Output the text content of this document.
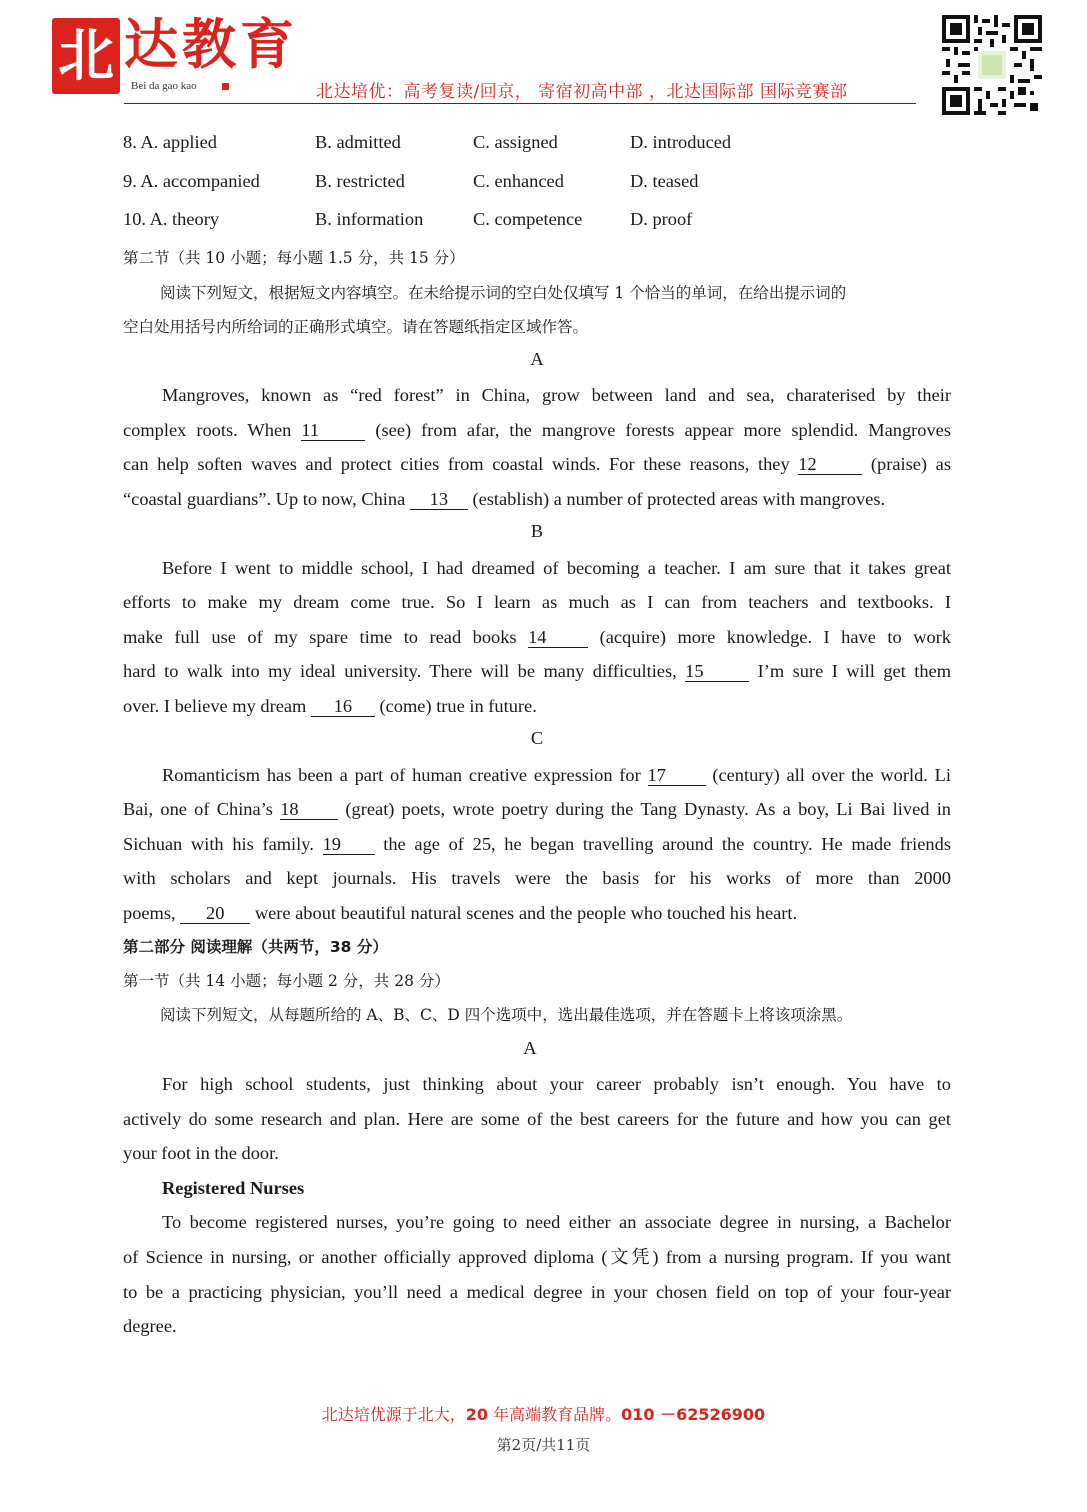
北 达教育
Bei da gao kao	北达培优：高考复读/回京， 寄宿初高中部 ，北达国际部 国际竞赛部
8. A. applied	B. admitted	C. assigned	D. introduced
9. A. accompanied	B. restricted	C. enhanced	D. teased
10. A. theory	B. information	C. competence	D. proof
第二节（共 10 小题；每小题 1.5 分，共 15 分）
阅读下列短文，根据短文内容填空。在未给提示词的空白处仅填写 1 个恰当的单词，在给出提示词的
空白处用括号内所给词的正确形式填空。请在答题纸指定区域作答。
A
Mangroves, known as “red forest” in China, grow between land and sea, charaterised by their
complex roots. When 11	(see) from afar, the mangrove forests appear more splendid. Mangroves
can help soften waves and protect cities from coastal winds. For these reasons, they 12 (praise) as
“coastal guardians”. Up to now, China 13 (establish) a number of protected areas with mangroves.
B
Before I went to middle school, I had dreamed of becoming a teacher. I am sure that it takes great
efforts to make my dream come true. So I learn as much as I can from teachers and textbooks. I
make full use of my spare time to read books 14 (acquire) more knowledge. I have to work
hard to walk into my ideal university. There will be many difficulties, 15 I’m sure I will get them
over. I believe my dream 16 (come) true in future.
C
Romanticism has been a part of human creative expression for 17 (century) all over the world. Li
Bai, one of China’s 18 (great) poets, wrote poetry during the Tang Dynasty. As a boy, Li Bai lived in
Sichuan with his family. 19 the age of 25, he began travelling around the country. He made friends
with scholars and kept journals. His travels were the basis for his works of more than 2000
poems, 20 were about beautiful natural scenes and the people who touched his heart.
第二部分 阅读理解（共两节，38 分）
第一节（共 14 小题；每小题 2 分，共 28 分）
阅读下列短文，从每题所给的 A、B、C、D 四个选项中，选出最佳选项，并在答题卡上将该项涂黑。
A
For high school students, just thinking about your career probably isn’t enough. You have to
actively do some research and plan. Here are some of the best careers for the future and how you can get
your foot in the door.
Registered Nurses
To become registered nurses, you’re going to need either an associate degree in nursing, a Bachelor
of Science in nursing, or another officially approved diploma (文凭) from a nursing program. If you want
to be a practicing physician, you’ll need a medical degree in your chosen field on top of your four-year
degree.
北达培优源于北大，20 年高端教育品牌。010 －62526900
第2页/共11页
